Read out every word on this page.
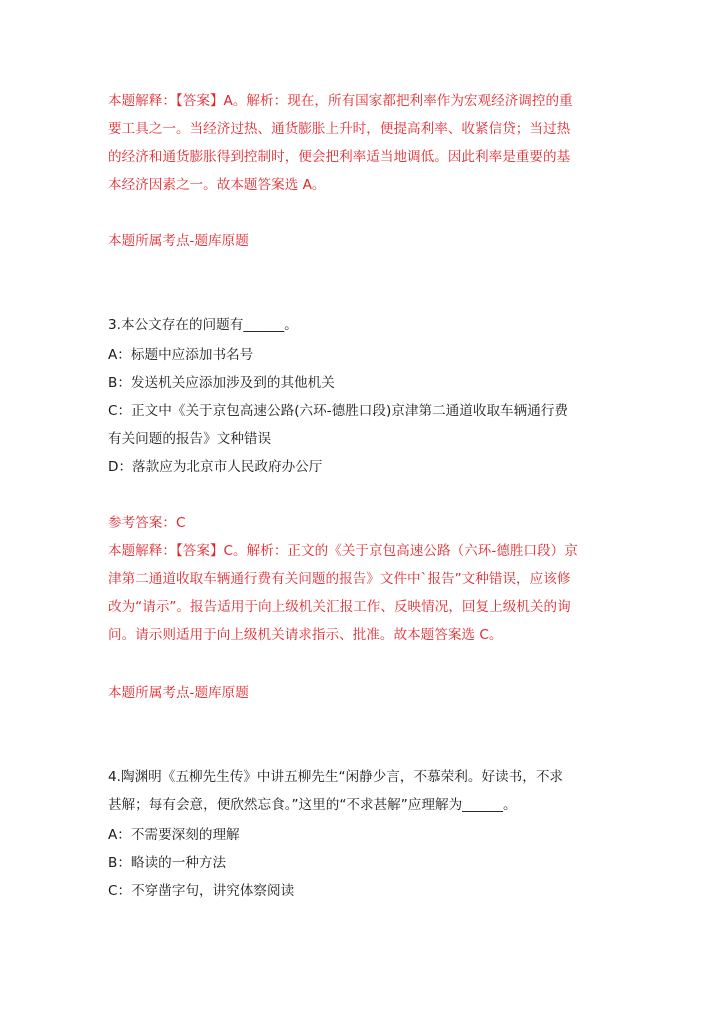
本题解释：【答案】A。解析：现在，所有国家都把利率作为宏观经济调控的重
要工具之一。当经济过热、通货膨胀上升时，便提高利率、收紧信贷；当过热
的经济和通货膨胀得到控制时，便会把利率适当地调低。因此利率是重要的基
本经济因素之一。故本题答案选 A。
本题所属考点-题库原题
3.本公文存在的问题有______。
A：标题中应添加书名号
B：发送机关应添加涉及到的其他机关
C：正文中《关于京包高速公路(六环-德胜口段)京津第二通道收取车辆通行费
有关问题的报告》文种错误
D：落款应为北京市人民政府办公厅
参考答案：C
本题解释：【答案】C。解析：正文的《关于京包高速公路（六环-德胜口段）京
津第二通道收取车辆通行费有关问题的报告》文件中`报告”文种错误，应该修
改为“请示”。报告适用于向上级机关汇报工作、反映情况，回复上级机关的询
问。请示则适用于向上级机关请求指示、批准。故本题答案选 C。
本题所属考点-题库原题
4.陶渊明《五柳先生传》中讲五柳先生“闲静少言，不慕荣利。好读书，不求
甚解；每有会意，便欣然忘食。”这里的“不求甚解”应理解为______。
A：不需要深刻的理解
B：略读的一种方法
C：不穿凿字句，讲究体察阅读
